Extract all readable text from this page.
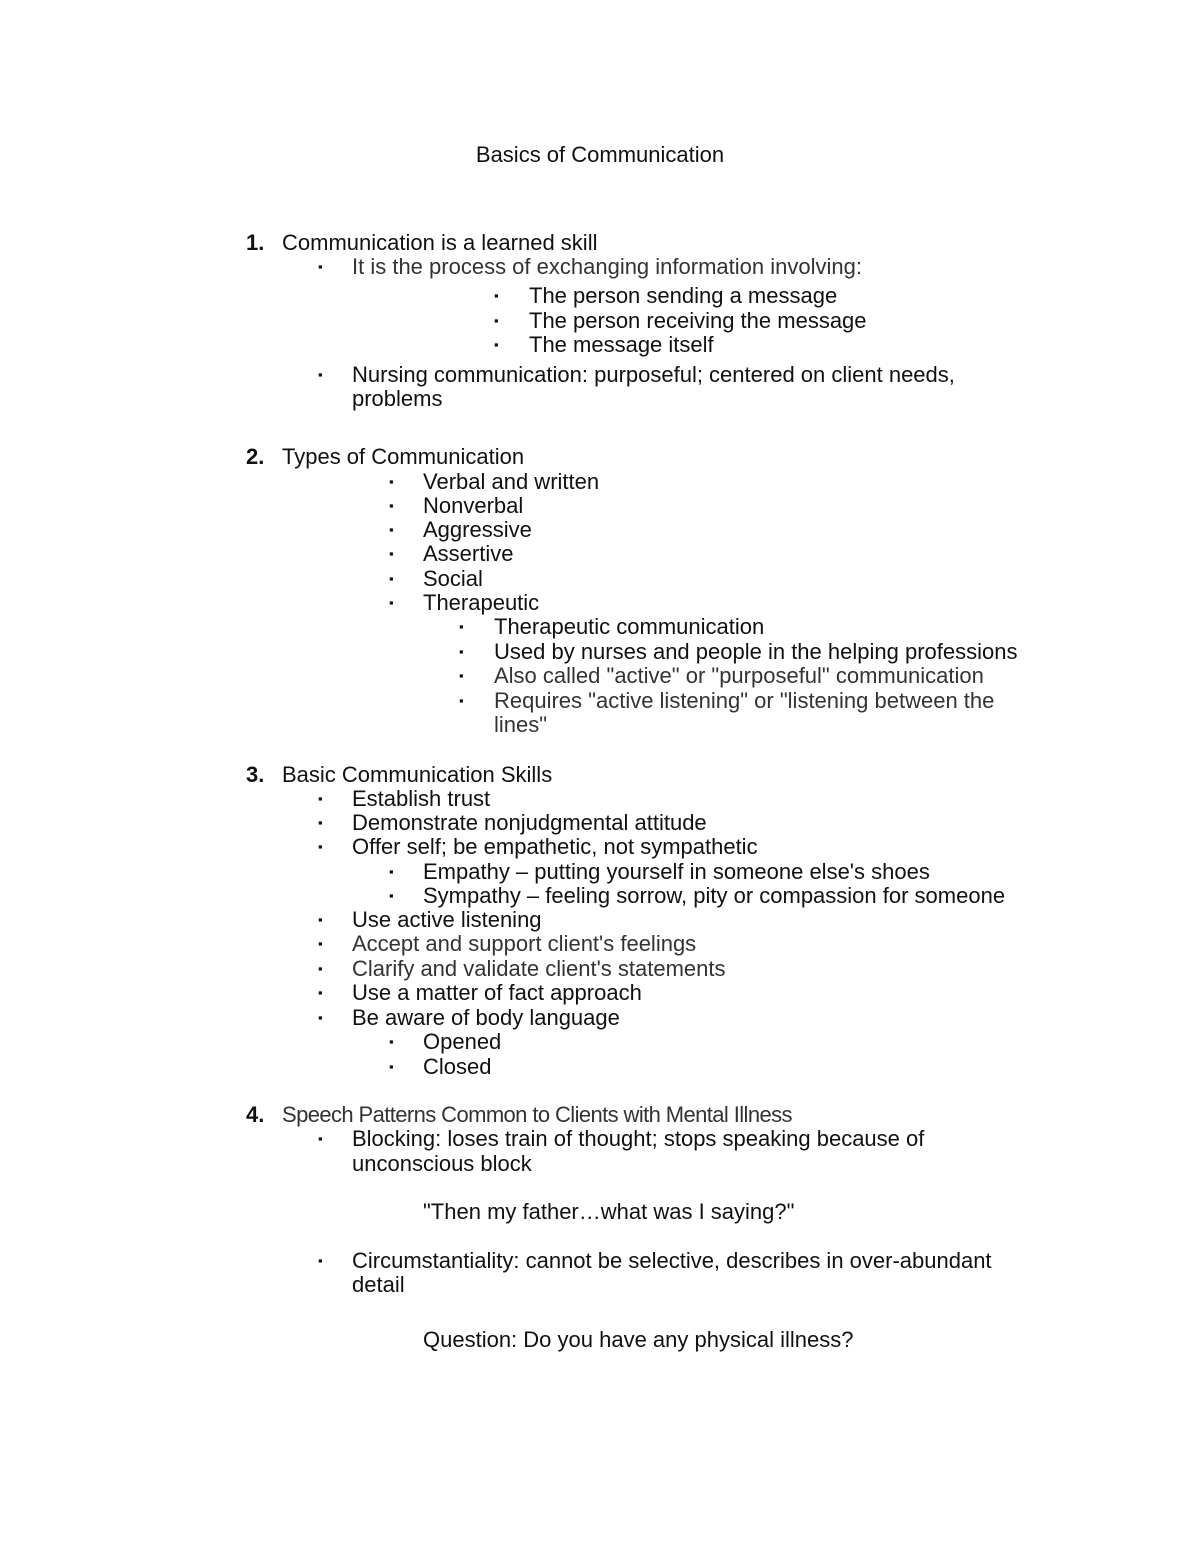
Basics of Communication
1. Communication is a learned skill
▪ It is the process of exchanging information involving:
▪ The person sending a message
▪ The person receiving the message
▪ The message itself
▪ Nursing communication: purposeful; centered on client needs,
problems
2. Types of Communication
▪ Verbal and written
▪ Nonverbal
▪ Aggressive
▪ Assertive
▪ Social
▪ Therapeutic
▪ Therapeutic communication
▪ Used by nurses and people in the helping professions
▪ Also called "active" or "purposeful" communication
▪ Requires "active listening" or "listening between the
lines"
3. Basic Communication Skills
▪ Establish trust
▪ Demonstrate nonjudgmental attitude
▪ Offer self; be empathetic, not sympathetic
▪ Empathy – putting yourself in someone else's shoes
▪ Sympathy – feeling sorrow, pity or compassion for someone
▪ Use active listening
▪ Accept and support client's feelings
▪ Clarify and validate client's statements
▪ Use a matter of fact approach
▪ Be aware of body language
▪ Opened
▪ Closed
4. Speech Patterns Common to Clients with Mental Illness
▪ Blocking: loses train of thought; stops speaking because of
unconscious block
"Then my father…what was I saying?"
▪ Circumstantiality: cannot be selective, describes in over-abundant
detail
Question: Do you have any physical illness?
